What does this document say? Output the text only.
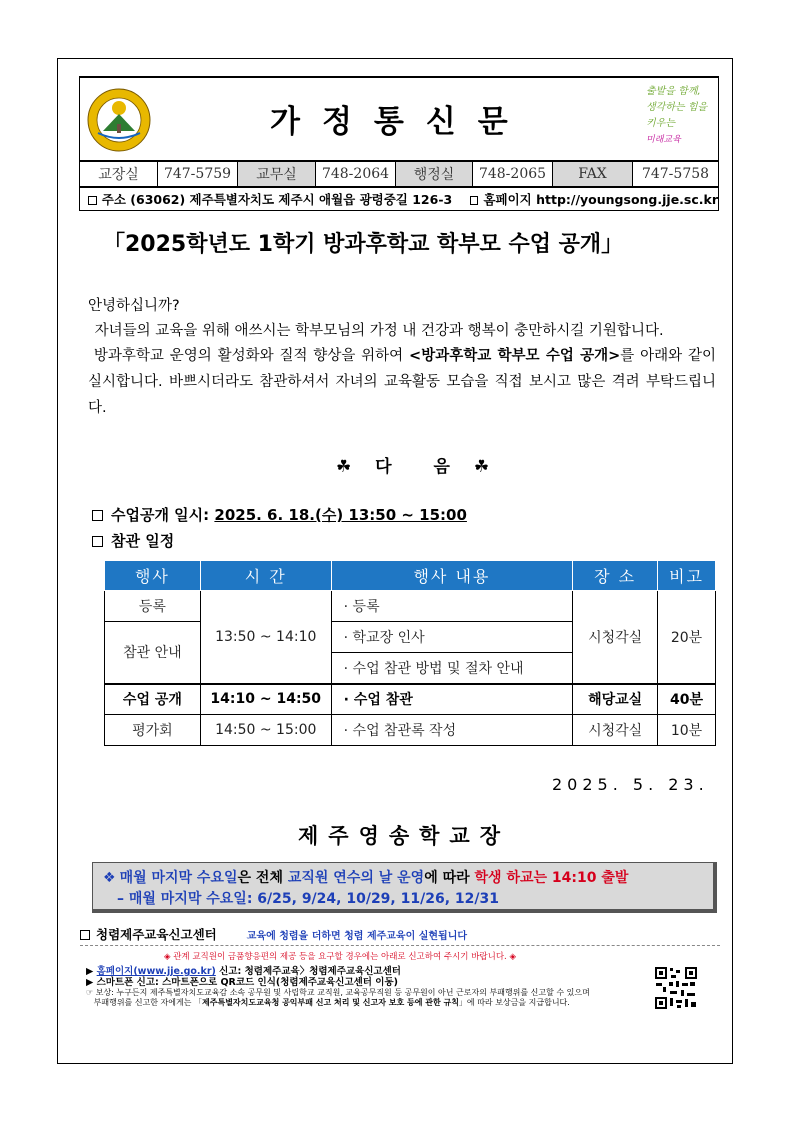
가정통신문
출발을 함께,
생각하는 힘을 키우는
미래교육
교장실	747-5759	교무실	748-2064	행정실	748-2065	FAX	747-5758
주소 (63062) 제주특별자치도 제주시 애월읍 광령중길 126-3 홈페이지 http://youngsong.jje.sc.kr
「2025학년도 1학기 방과후학교 학부모 수업 공개」
안녕하십니까?
자녀들의 교육을 위해 애쓰시는 학부모님의 가정 내 건강과 행복이 충만하시길 기원합니다.
방과후학교 운영의 활성화와 질적 향상을 위하여 <방과후학교 학부모 수업 공개>를 아래와 같이 실시합니다. 바쁘시더라도 참관하셔서 자녀의 교육활동 모습을 직접 보시고 많은 격려 부탁드립니다.
☘ 다 음 ☘
수업공개 일시: 2025. 6. 18.(수) 13:50 ~ 15:00
참관 일정
행사	시 간	행사 내용	장 소	비고
등록	13:50 ~ 14:10	· 등록	시청각실	20분
참관 안내		· 학교장 인사		
		· 수업 참관 방법 및 절차 안내		
수업 공개	14:10 ~ 14:50	· 수업 참관	해당교실	40분
평가회	14:50 ~ 15:00	· 수업 참관록 작성	시청각실	10분
2025. 5. 23.
제주영송학교장
❖ 매월 마지막 수요일은 전체 교직원 연수의 날 운영에 따라 학생 하교는 14:10 출발
– 매월 마지막 수요일: 6/25, 9/24, 10/29, 11/26, 12/31
청렴제주교육신고센터	교육에 청렴을 더하면 청렴 제주교육이 실현됩니다
◈ 관계 교직원이 금품향응편의 제공 등을 요구할 경우에는 아래로 신고하여 주시기 바랍니다. ◈
▶ 홈페이지(www.jje.go.kr) 신고: 청렴제주교육〉청렴제주교육신고센터
▶ 스마트폰 신고: 스마트폰으로 QR코드 인식(청렴제주교육신고센터 이동)
☞ 보상: 누구든지 제주특별자치도교육감 소속 공무원 및 사립학교 교직원, 교육공무직원 등 공무원이 아닌 근로자의 부패행위를 신고할 수 있으며
부패행위를 신고한 자에게는 「제주특별자치도교육청 공익부패 신고 처리 및 신고자 보호 등에 관한 규칙」에 따라 보상금을 지급합니다.
